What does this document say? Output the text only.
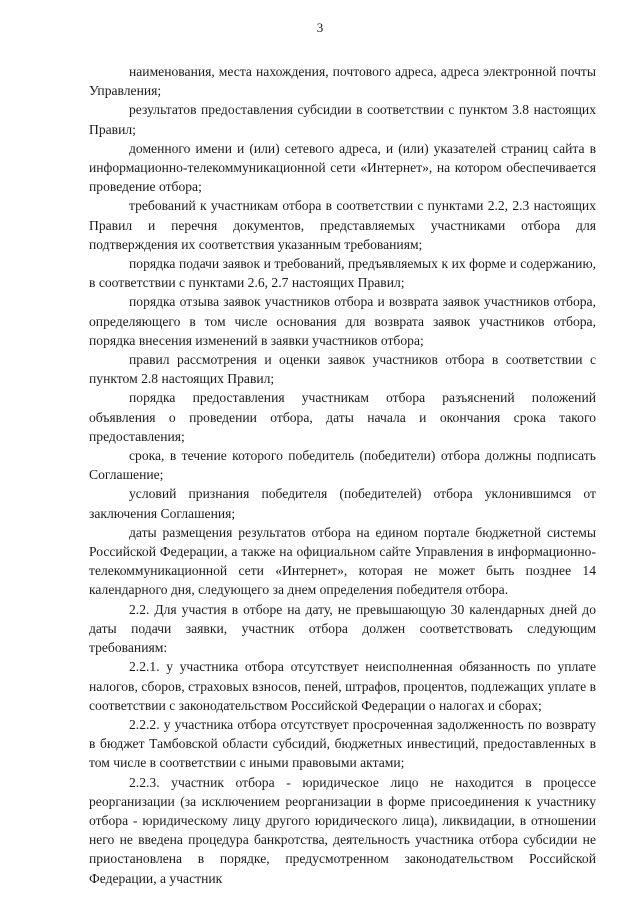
3

наименования, места нахождения, почтового адреса, адреса электронной почты Управления;

результатов предоставления субсидии в соответствии с пунктом 3.8 настоящих Правил;

доменного имени и (или) сетевого адреса, и (или) указателей страниц сайта в информационно-телекоммуникационной сети «Интернет», на котором обеспечивается проведение отбора;

требований к участникам отбора в соответствии с пунктами 2.2, 2.3 настоящих Правил и перечня документов, представляемых участниками отбора для подтверждения их соответствия указанным требованиям;

порядка подачи заявок и требований, предъявляемых к их форме и содержанию, в соответствии с пунктами 2.6, 2.7 настоящих Правил;

порядка отзыва заявок участников отбора и возврата заявок участников отбора, определяющего в том числе основания для возврата заявок участников отбора, порядка внесения изменений в заявки участников отбора;

правил рассмотрения и оценки заявок участников отбора в соответствии с пунктом 2.8 настоящих Правил;

порядка предоставления участникам отбора разъяснений положений объявления о проведении отбора, даты начала и окончания срока такого предоставления;

срока, в течение которого победитель (победители) отбора должны подписать Соглашение;

условий признания победителя (победителей) отбора уклонившимся от заключения Соглашения;

даты размещения результатов отбора на едином портале бюджетной системы Российской Федерации, а также на официальном сайте Управления в информационно-телекоммуникационной сети «Интернет», которая не может быть позднее 14 календарного дня, следующего за днем определения победителя отбора.

2.2. Для участия в отборе на дату, не превышающую 30 календарных дней до даты подачи заявки, участник отбора должен соответствовать следующим требованиям:

2.2.1. у участника отбора отсутствует неисполненная обязанность по уплате налогов, сборов, страховых взносов, пеней, штрафов, процентов, подлежащих уплате в соответствии с законодательством Российской Федерации о налогах и сборах;

2.2.2. у участника отбора отсутствует просроченная задолженность по возврату в бюджет Тамбовской области субсидий, бюджетных инвестиций, предоставленных в том числе в соответствии с иными правовыми актами;

2.2.3. участник отбора - юридическое лицо не находится в процессе реорганизации (за исключением реорганизации в форме присоединения к участнику отбора - юридическому лицу другого юридического лица), ликвидации, в отношении него не введена процедура банкротства, деятельность участника отбора субсидии не приостановлена в порядке, предусмотренном законодательством Российской Федерации, а участник
